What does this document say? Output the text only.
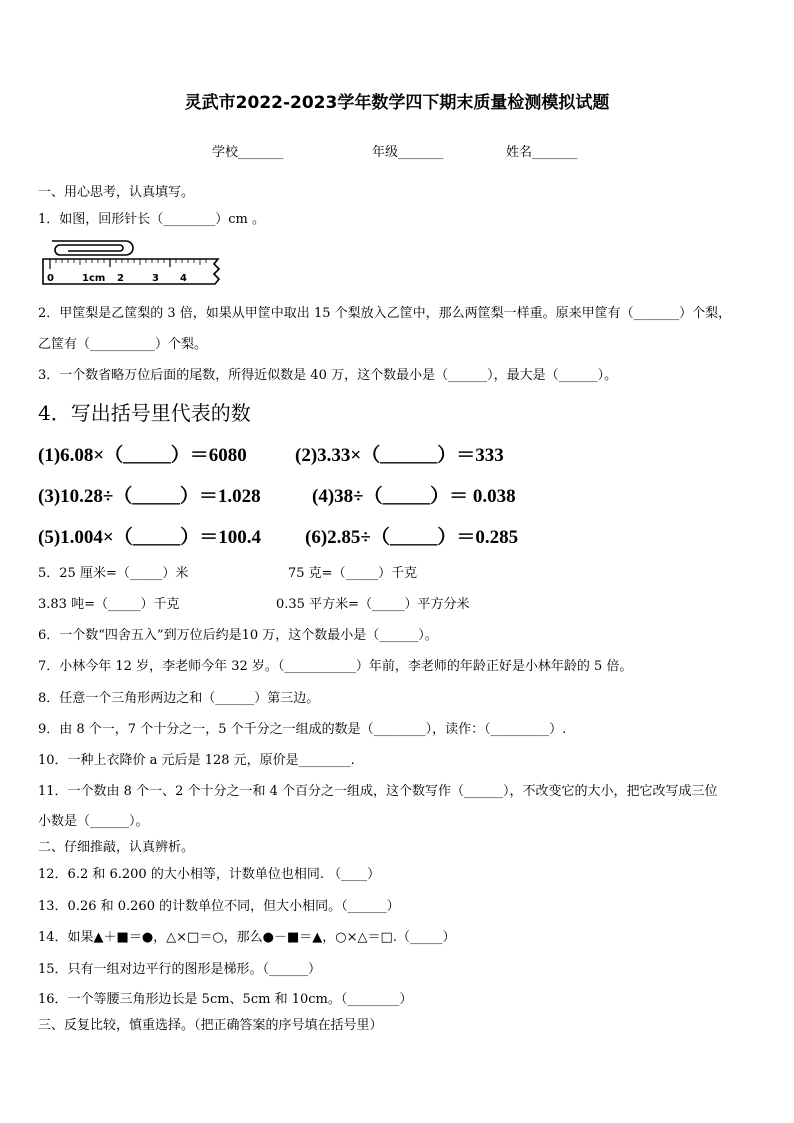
灵武市2022-2023学年数学四下期末质量检测模拟试题
学校_______	年级_______	姓名_______
一、用心思考，认真填写。
1．如图，回形针长（________）cm 。
0	1cm 2	3 4
2．甲筐梨是乙筐梨的 3 倍，如果从甲筐中取出 15 个梨放入乙筐中，那么两筐梨一样重。原来甲筐有（_______）个梨，
乙筐有（__________）个梨。
3．一个数省略万位后面的尾数，所得近似数是 40 万，这个数最小是（______），最大是（______）。
4．写出括号里代表的数
(1)6.08×（_____）＝6080	(2)3.33×（______）＝333
(3)10.28÷（_____）＝1.028	(4)38÷（_____）＝ 0.038
(5)1.004×（_____）＝100.4 (6)2.85÷（_____）＝0.285
5．25 厘米=（_____）米	75 克=（_____）千克
3.83 吨=（_____）千克	0.35 平方米=（_____）平方分米
6．一个数“四舍五入”到万位后约是10 万，这个数最小是（______）。
7．小林今年 12 岁，李老师今年 32 岁。（___________）年前，李老师的年龄正好是小林年龄的 5 倍。
8．任意一个三角形两边之和（______）第三边。
9．由 8 个一，7 个十分之一，5 个千分之一组成的数是（________），读作：（_________）.
10．一种上衣降价 a 元后是 128 元，原价是________.
11．一个数由 8 个一、2 个十分之一和 4 个百分之一组成，这个数写作（______），不改变它的大小，把它改写成三位
小数是（______）。
二、仔细推敲，认真辨析。
12．6.2 和 6.200 的大小相等，计数单位也相同. （____）
13．0.26 和 0.260 的计数单位不同，但大小相同。（______）
14．如果▲＋■＝●，△×□＝○，那么●－■＝▲，○×△＝□.（_____）
15．只有一组对边平行的图形是梯形。（______）
16．一个等腰三角形边长是 5cm、5cm 和 10cm。（________）
三、反复比较，慎重选择。（把正确答案的序号填在括号里）
